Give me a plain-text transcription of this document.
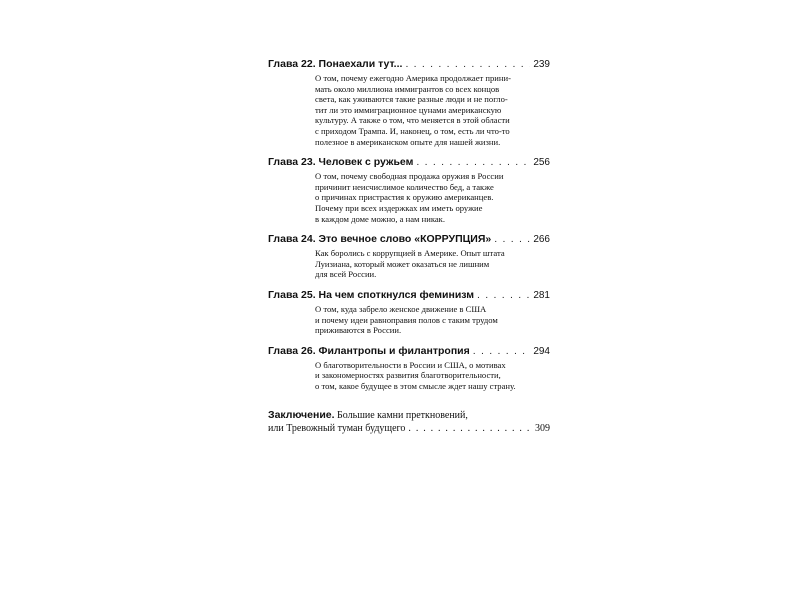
Глава 22. Понаехали тут... . . .	239
О том, почему ежегодно Америка продолжает прини-
мать около миллиона иммигрантов со всех концов
света, как уживаются такие разные люди и не погло-
тит ли это иммиграционное цунами американскую
культуру. А также о том, что меняется в этой области
с приходом Трампа. И, наконец, о том, есть ли что-то
полезное в американском опыте для нашей жизни.
Глава 23. Человек с ружьем . . .	256
О том, почему свободная продажа оружия в России
причинит неисчислимое количество бед, а также
о причинах пристрастия к оружию американцев.
Почему при всех издержках им иметь оружие
в каждом доме можно, а нам никак.
Глава 24. Это вечное слово «КОРРУПЦИЯ» . . .	266
Как боролись с коррупцией в Америке. Опыт штата
Луизиана, который может оказаться не лишним
для всей России.
Глава 25. На чем споткнулся феминизм . . .	281
О том, куда забрело женское движение в США
и почему идеи равноправия полов с таким трудом
приживаются в России.
Глава 26. Филантропы и филантропия . . .	294
О благотворительности в России и США, о мотивах
и закономерностях развития благотворительности,
о том, какое будущее в этом смысле ждет нашу страну.
Заключение. Большие камни преткновений,
или Тревожный туман будущего . . .	309
